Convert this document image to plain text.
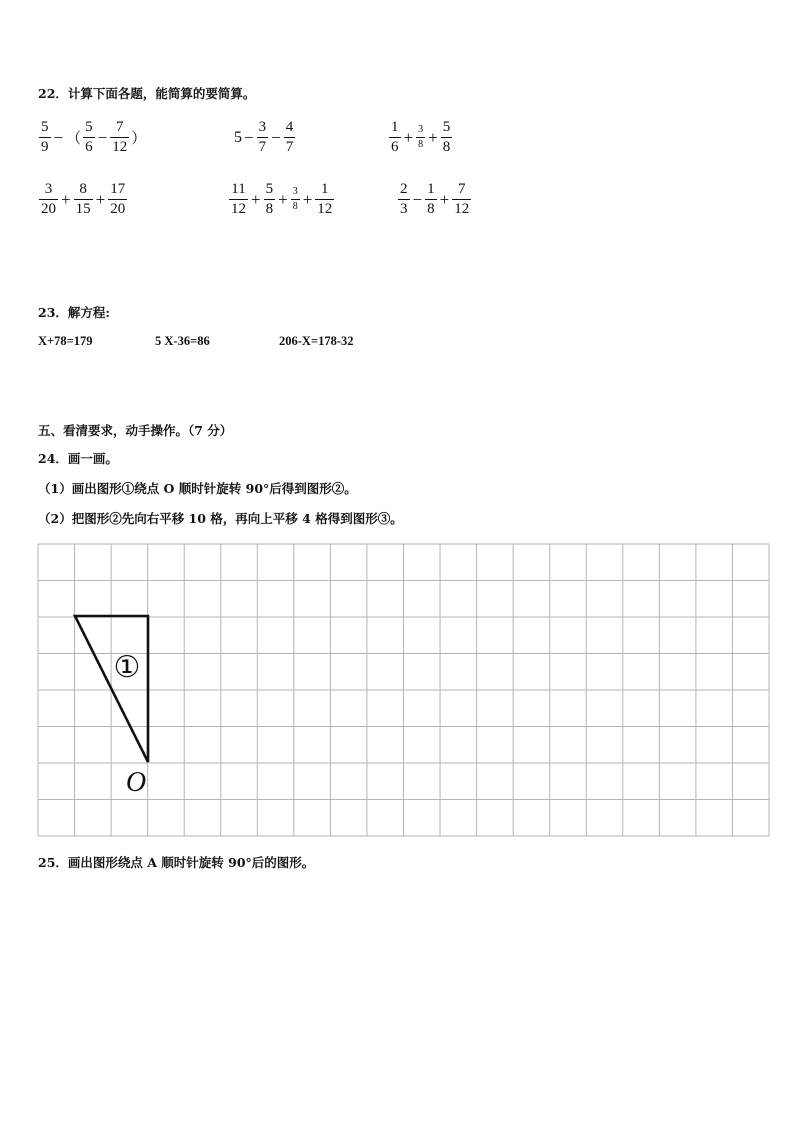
22．计算下面各题，能简算的要简算。
$\frac{5}{9}$ − （ $\frac{5}{6} - \frac{7}{12}$ ）	$5 - \frac{3}{7} - \frac{4}{7}$	$\frac{1}{6} + \frac{3}{8} + \frac{5}{8}$
$\frac{3}{20} + \frac{8}{15} + \frac{17}{20}$	$\frac{11}{12} + \frac{5}{8} + \frac{3}{8} + \frac{1}{12}$	$\frac{2}{3} - \frac{1}{8} + \frac{7}{12}$
23．解方程:
X+78=179	5 X-36=86	206-X=178-32
五、看清要求，动手操作。（7 分）
24．画一画。
（1）画出图形①绕点 O 顺时针旋转 90°后得到图形②。
（2）把图形②先向右平移 10 格，再向上平移 4 格得到图形③。
①
O
25．画出图形绕点 A 顺时针旋转 90°后的图形。
